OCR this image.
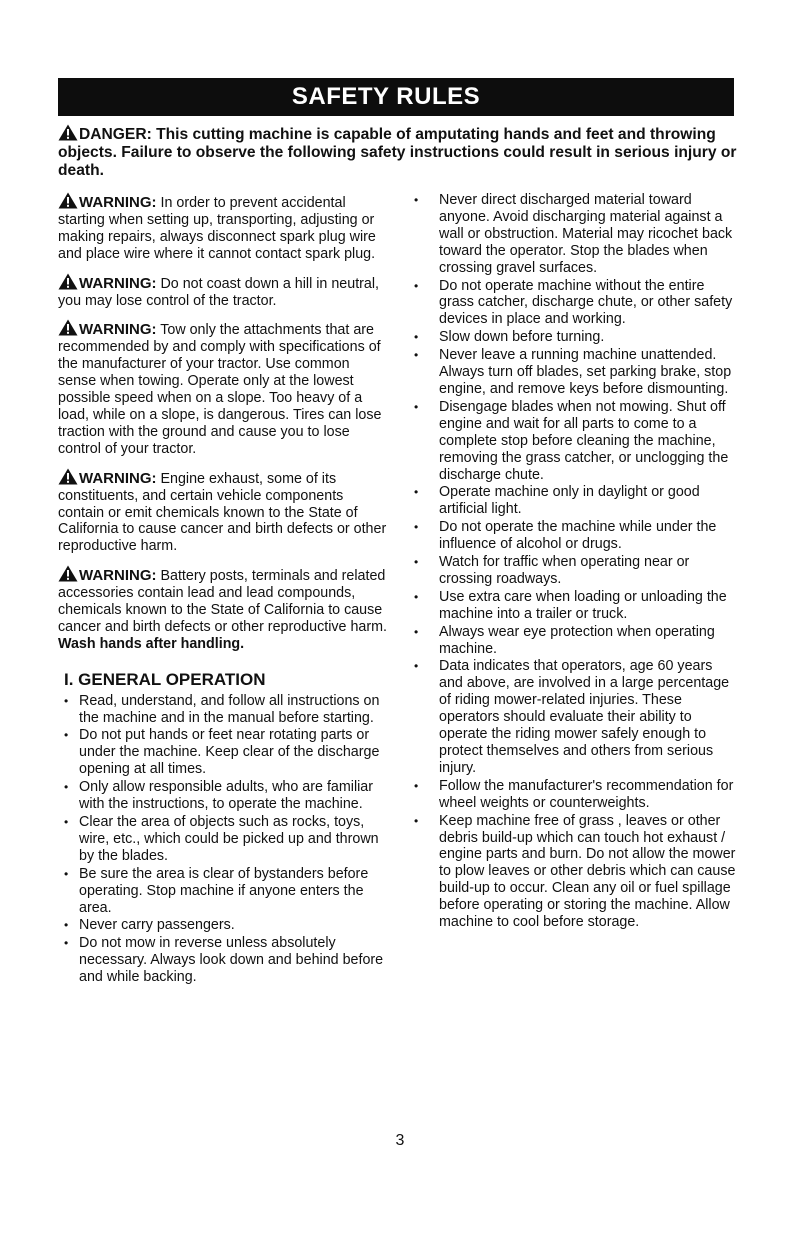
SAFETY RULES
DANGER: This cutting machine is capable of amputating hands and feet and throwing objects. Failure to observe the following safety instructions could result in serious injury or death.

WARNING: In order to prevent accidental starting when setting up, transporting, adjusting or making repairs, always disconnect spark plug wire and place wire where it cannot contact spark plug.

WARNING: Do not coast down a hill in neutral, you may lose control of the tractor.

WARNING: Tow only the attachments that are recommended by and comply with specifications of the manufacturer of your tractor. Use common sense when towing. Operate only at the lowest possible speed when on a slope. Too heavy of a load, while on a slope, is dangerous. Tires can lose traction with the ground and cause you to lose control of your tractor.

WARNING: Engine exhaust, some of its constituents, and certain vehicle components contain or emit chemicals known to the State of California to cause cancer and birth defects or other reproductive harm.

WARNING: Battery posts, terminals and related accessories contain lead and lead compounds, chemicals known to the State of California to cause cancer and birth defects or other reproductive harm. Wash hands after handling.

I. GENERAL OPERATION
• Read, understand, and follow all instructions on the machine and in the manual before starting.
• Do not put hands or feet near rotating parts or under the machine. Keep clear of the discharge opening at all times.
• Only allow responsible adults, who are familiar with the instructions, to operate the machine.
• Clear the area of objects such as rocks, toys, wire, etc., which could be picked up and thrown by the blades.
• Be sure the area is clear of bystanders before operating. Stop machine if anyone enters the area.
• Never carry passengers.
• Do not mow in reverse unless absolutely necessary. Always look down and behind before and while backing.
• Never direct discharged material toward anyone. Avoid discharging material against a wall or obstruction. Material may ricochet back toward the operator. Stop the blades when crossing gravel surfaces.
• Do not operate machine without the entire grass catcher, discharge chute, or other safety devices in place and working.
• Slow down before turning.
• Never leave a running machine unattended. Always turn off blades, set parking brake, stop engine, and remove keys before dismounting.
• Disengage blades when not mowing. Shut off engine and wait for all parts to come to a complete stop before cleaning the machine, removing the grass catcher, or unclogging the discharge chute.
• Operate machine only in daylight or good artificial light.
• Do not operate the machine while under the influence of alcohol or drugs.
• Watch for traffic when operating near or crossing roadways.
• Use extra care when loading or unloading the machine into a trailer or truck.
• Always wear eye protection when operating machine.
• Data indicates that operators, age 60 years and above, are involved in a large percentage of riding mower-related injuries. These operators should evaluate their ability to operate the riding mower safely enough to protect themselves and others from serious injury.
• Follow the manufacturer's recommendation for wheel weights or counterweights.
• Keep machine free of grass , leaves or other debris build-up which can touch hot exhaust / engine parts and burn. Do not allow the mower to plow leaves or other debris which can cause build-up to occur. Clean any oil or fuel spillage before operating or storing the machine. Allow machine to cool before storage.
3
